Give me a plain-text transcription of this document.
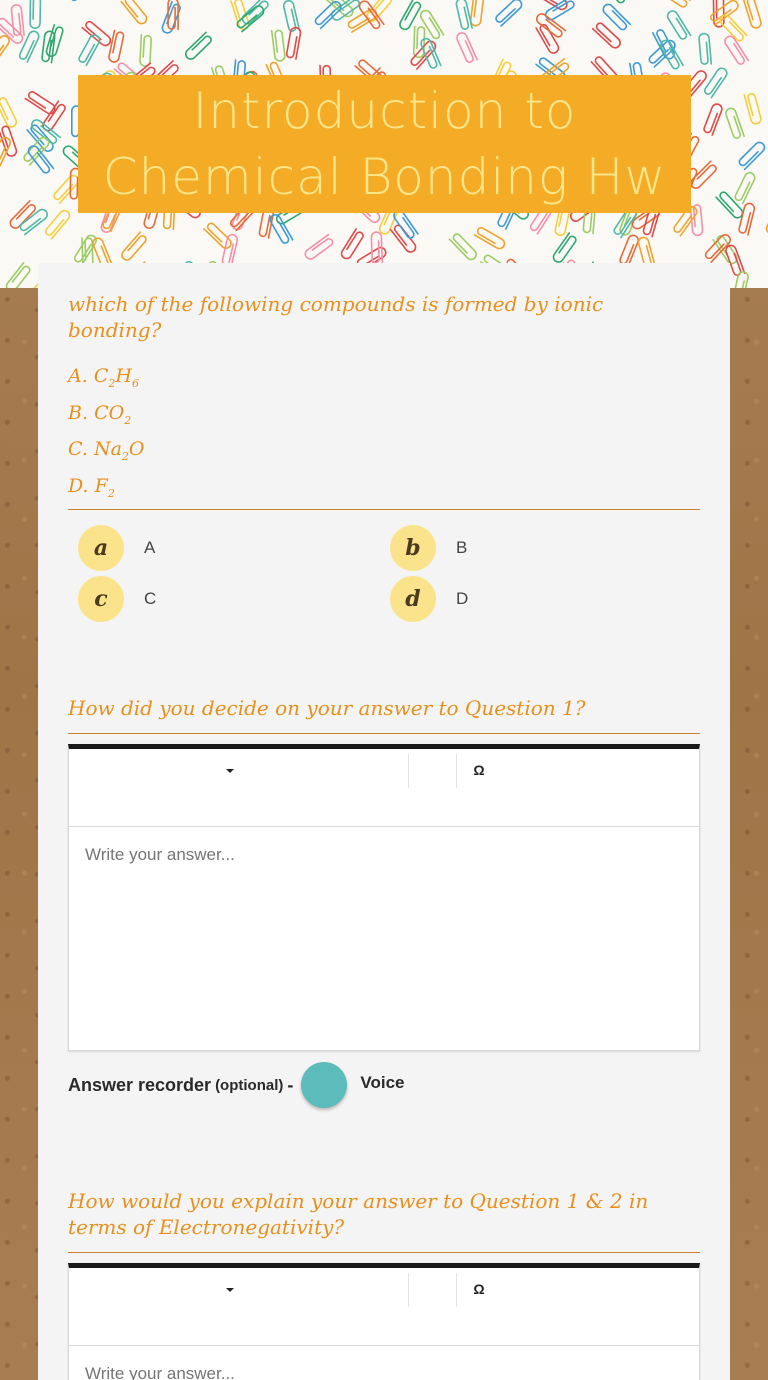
Introduction to Chemical Bonding Hw
which of the following compounds is formed by ionic bonding?
A. $C_2H_6$
B. $CO_2$
C. $Na_2O$
D. $F_2$
a	A	b	B
c	C	d	D
How did you decide on your answer to Question 1?
Ω
Write your answer...
Answer recorder (optional) -	Voice
How would you explain your answer to Question 1 & 2 in terms of Electronegativity?
Ω
Write your answer...
